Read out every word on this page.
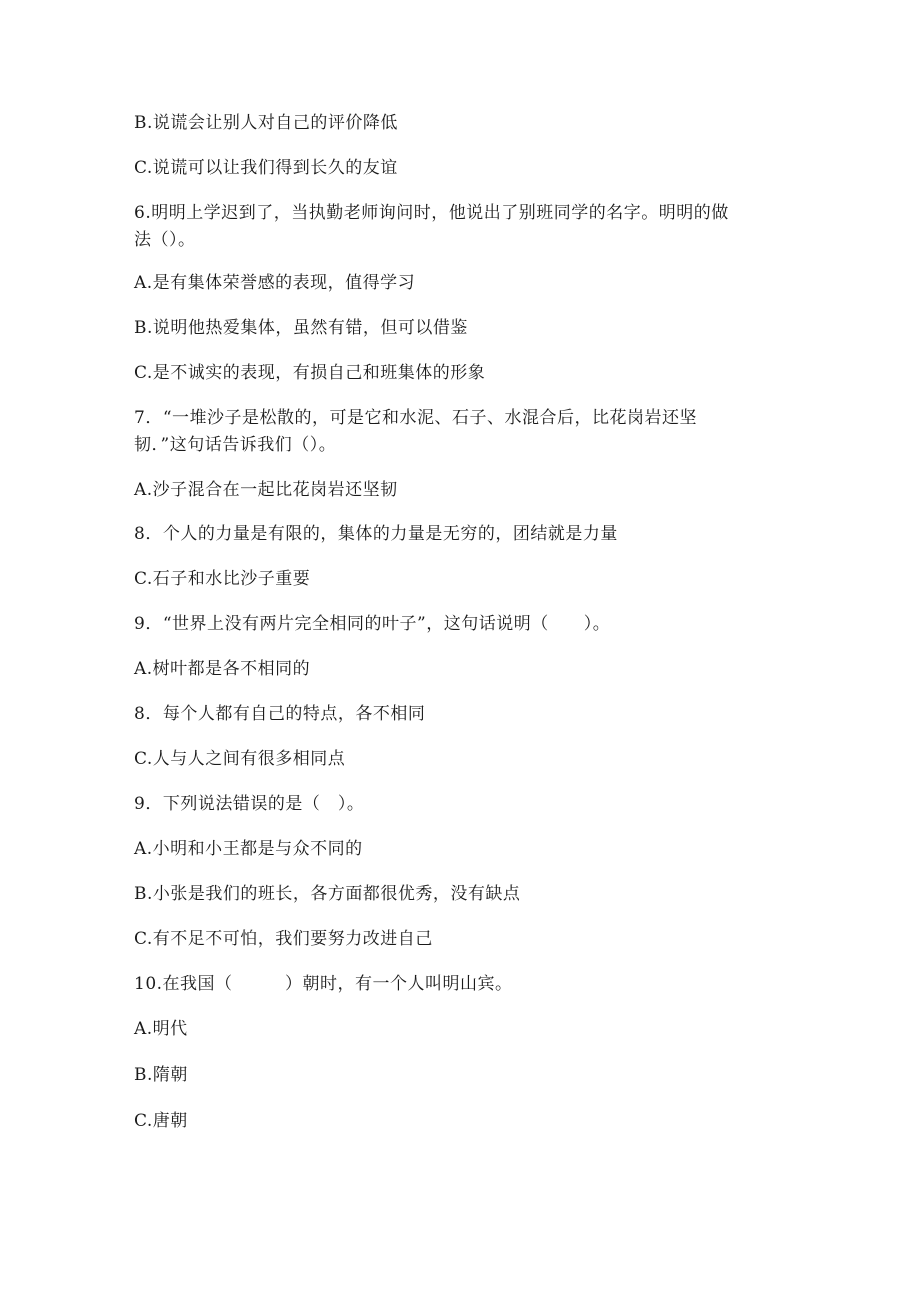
B.说谎会让别人对自己的评价降低
C.说谎可以让我们得到长久的友谊
6.明明上学迟到了，当执勤老师询问时，他说出了别班同学的名字。明明的做
法（）。
A.是有集体荣誉感的表现，值得学习
B.说明他热爱集体，虽然有错，但可以借鉴
C.是不诚实的表现，有损自己和班集体的形象
7．“一堆沙子是松散的，可是它和水泥、石子、水混合后，比花岗岩还坚
韧．”这句话告诉我们（）。
A.沙子混合在一起比花岗岩还坚韧
8．个人的力量是有限的，集体的力量是无穷的，团结就是力量
C.石子和水比沙子重要
9．“世界上没有两片完全相同的叶子”，这句话说明（　　）。
A.树叶都是各不相同的
8．每个人都有自己的特点，各不相同
C.人与人之间有很多相同点
9．下列说法错误的是（　）。
A.小明和小王都是与众不同的
B.小张是我们的班长，各方面都很优秀，没有缺点
C.有不足不可怕，我们要努力改进自己
10.在我国（　　　）朝时，有一个人叫明山宾。
A.明代
B.隋朝
C.唐朝
